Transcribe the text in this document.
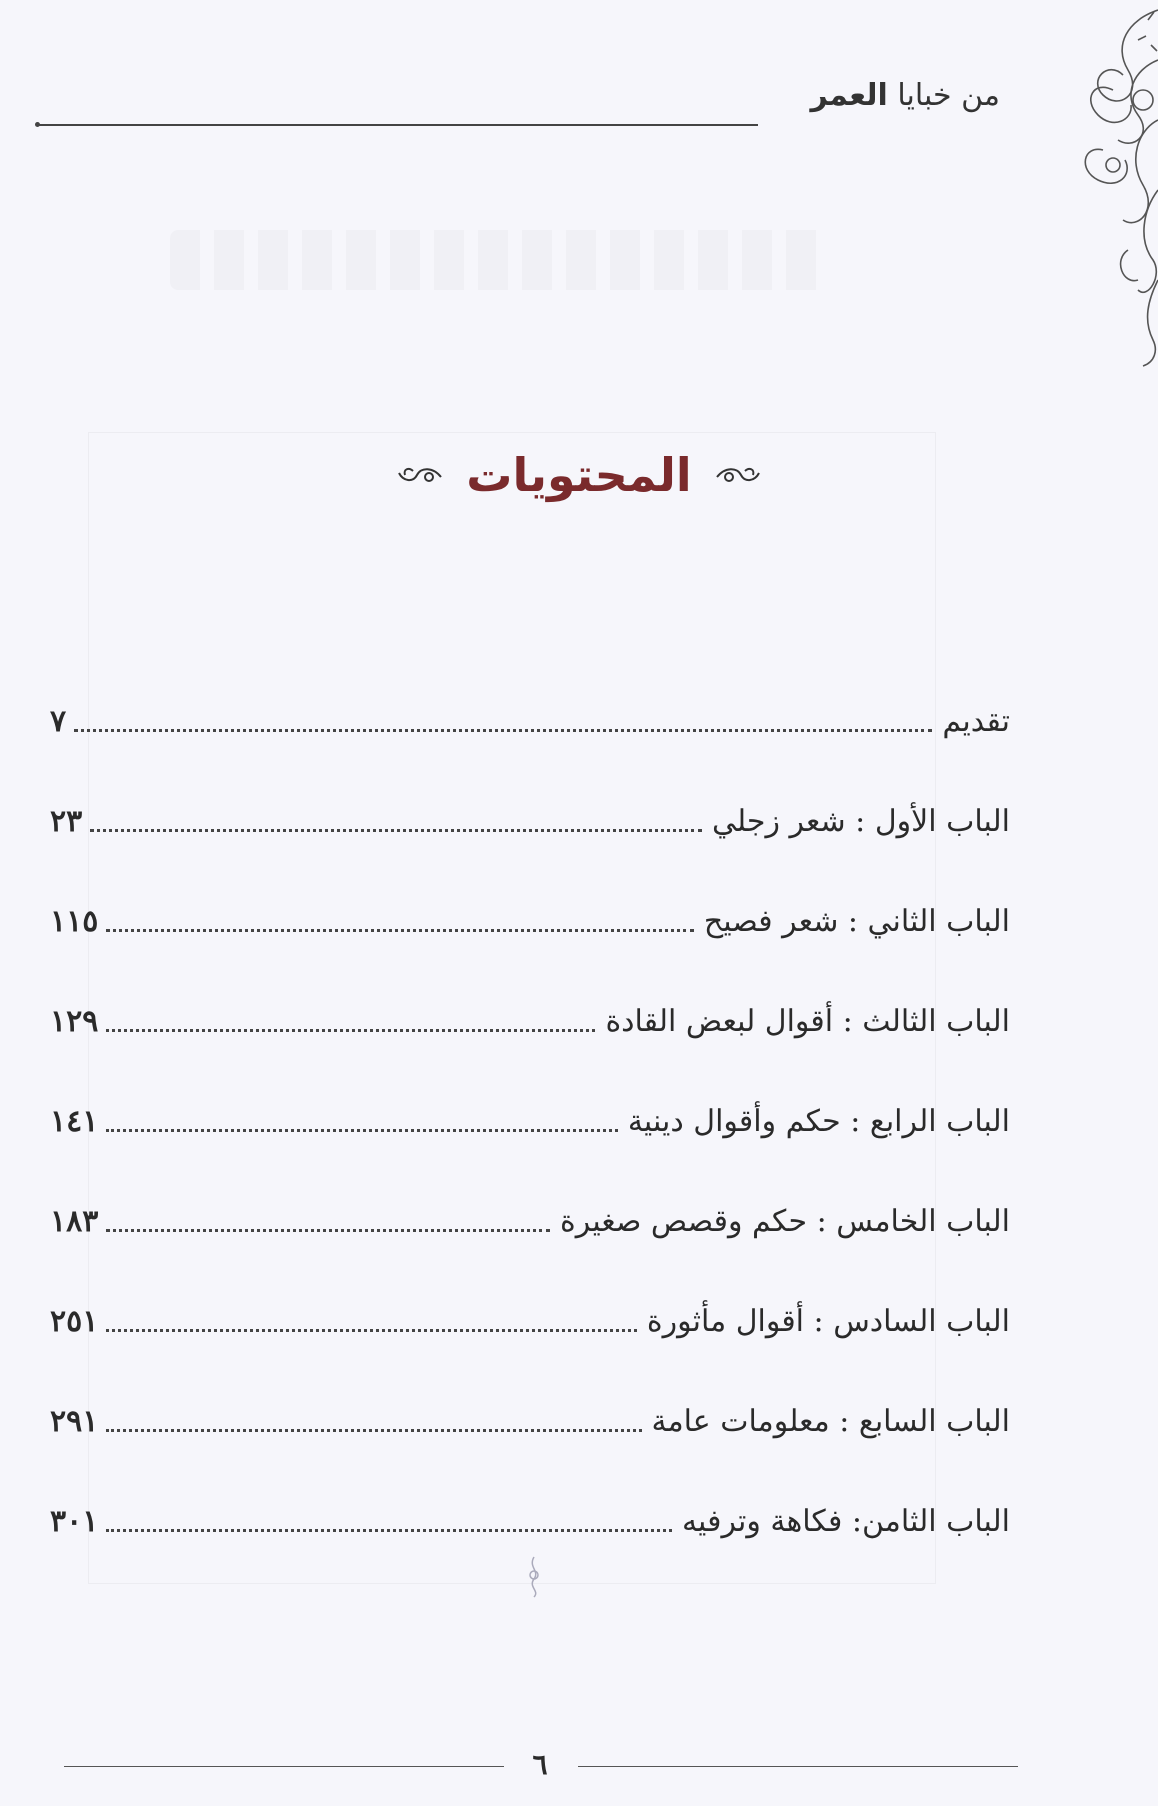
من خبايا العمر
المحتويات
تقديم
٧
الباب الأول : شعر زجلي
٢٣
الباب الثاني : شعر فصيح
١١٥
الباب الثالث : أقوال لبعض القادة
١٢٩
الباب الرابع : حكم وأقوال دينية
١٤١
الباب الخامس : حكم وقصص صغيرة
١٨٣
الباب السادس : أقوال مأثورة
٢٥١
الباب السابع : معلومات عامة
٢٩١
الباب الثامن: فكاهة وترفيه
٣٠١
٦
